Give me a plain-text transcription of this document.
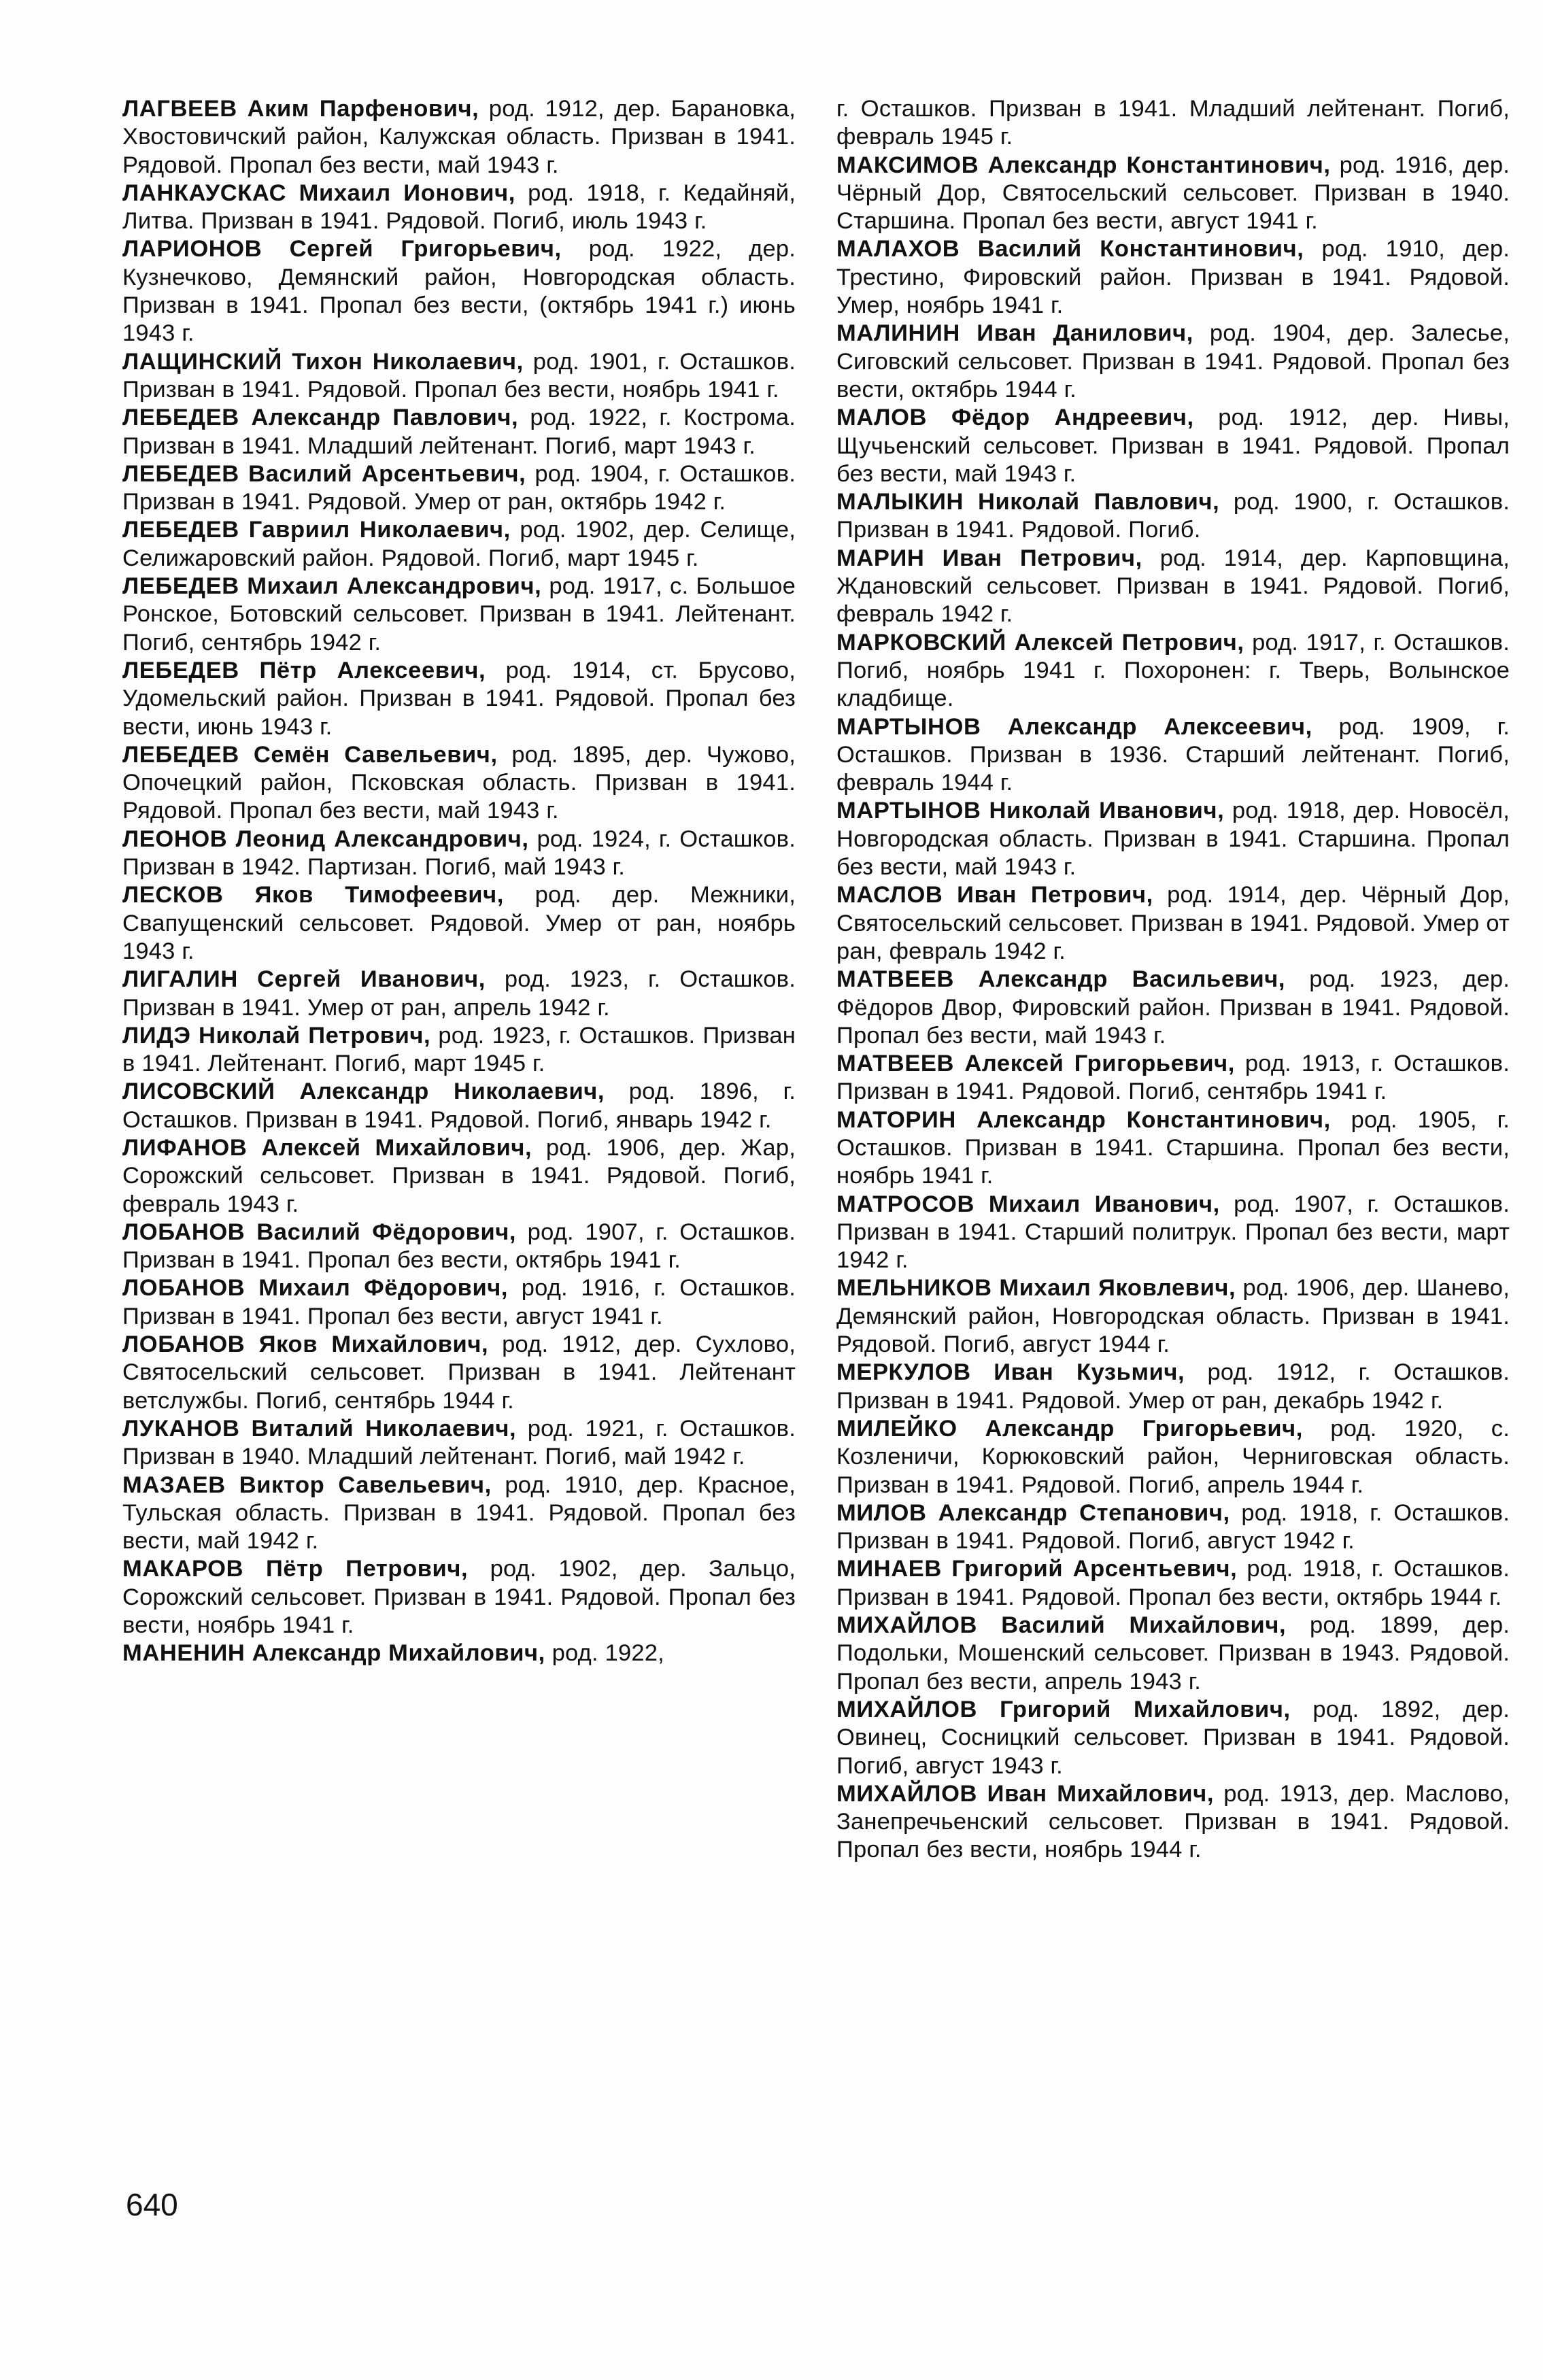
ЛАГВЕЕВ Аким Парфенович, род. 1912, дер. Барановка, Хвостовичский район, Калужская область. Призван в 1941. Рядовой. Пропал без вести, май 1943 г.

ЛАНКАУСКАС Михаил Ионович, род. 1918, г. Кедайняй, Литва. Призван в 1941. Рядовой. Погиб, июль 1943 г.

ЛАРИОНОВ Сергей Григорьевич, род. 1922, дер. Кузнечково, Демянский район, Новгородская область. Призван в 1941. Пропал без вести, (октябрь 1941 г.) июнь 1943 г.

ЛАЩИНСКИЙ Тихон Николаевич, род. 1901, г. Осташков. Призван в 1941. Рядовой. Пропал без вести, ноябрь 1941 г.

ЛЕБЕДЕВ Александр Павлович, род. 1922, г. Кострома. Призван в 1941. Младший лейтенант. Погиб, март 1943 г.

ЛЕБЕДЕВ Василий Арсентьевич, род. 1904, г. Осташков. Призван в 1941. Рядовой. Умер от ран, октябрь 1942 г.

ЛЕБЕДЕВ Гавриил Николаевич, род. 1902, дер. Селище, Селижаровский район. Рядовой. Погиб, март 1945 г.

ЛЕБЕДЕВ Михаил Александрович, род. 1917, с. Большое Ронское, Ботовский сельсовет. Призван в 1941. Лейтенант. Погиб, сентябрь 1942 г.

ЛЕБЕДЕВ Пётр Алексеевич, род. 1914, ст. Брусово, Удомельский район. Призван в 1941. Рядовой. Пропал без вести, июнь 1943 г.

ЛЕБЕДЕВ Семён Савельевич, род. 1895, дер. Чужово, Опочецкий район, Псковская область. Призван в 1941. Рядовой. Пропал без вести, май 1943 г.

ЛЕОНОВ Леонид Александрович, род. 1924, г. Осташков. Призван в 1942. Партизан. Погиб, май 1943 г.

ЛЕСКОВ Яков Тимофеевич, род. дер. Межники, Свапущенский сельсовет. Рядовой. Умер от ран, ноябрь 1943 г.

ЛИГАЛИН Сергей Иванович, род. 1923, г. Осташков. Призван в 1941. Умер от ран, апрель 1942 г.

ЛИДЭ Николай Петрович, род. 1923, г. Осташков. Призван в 1941. Лейтенант. Погиб, март 1945 г.

ЛИСОВСКИЙ Александр Николаевич, род. 1896, г. Осташков. Призван в 1941. Рядовой. Погиб, январь 1942 г.

ЛИФАНОВ Алексей Михайлович, род. 1906, дер. Жар, Сорожский сельсовет. Призван в 1941. Рядовой. Погиб, февраль 1943 г.

ЛОБАНОВ Василий Фёдорович, род. 1907, г. Осташков. Призван в 1941. Пропал без вести, октябрь 1941 г.

ЛОБАНОВ Михаил Фёдорович, род. 1916, г. Осташков. Призван в 1941. Пропал без вести, август 1941 г.

ЛОБАНОВ Яков Михайлович, род. 1912, дер. Сухлово, Святосельский сельсовет. Призван в 1941. Лейтенант ветслужбы. Погиб, сентябрь 1944 г.

ЛУКАНОВ Виталий Николаевич, род. 1921, г. Осташков. Призван в 1940. Младший лейтенант. Погиб, май 1942 г.

МАЗАЕВ Виктор Савельевич, род. 1910, дер. Красное, Тульская область. Призван в 1941. Рядовой. Пропал без вести, май 1942 г.

МАКАРОВ Пётр Петрович, род. 1902, дер. Зальцо, Сорожский сельсовет. Призван в 1941. Рядовой. Пропал без вести, ноябрь 1941 г.

МАНЕНИН Александр Михайлович, род. 1922,

г. Осташков. Призван в 1941. Младший лейтенант. Погиб, февраль 1945 г.

МАКСИМОВ Александр Константинович, род. 1916, дер. Чёрный Дор, Святосельский сельсовет. Призван в 1940. Старшина. Пропал без вести, август 1941 г.

МАЛАХОВ Василий Константинович, род. 1910, дер. Трестино, Фировский район. Призван в 1941. Рядовой. Умер, ноябрь 1941 г.

МАЛИНИН Иван Данилович, род. 1904, дер. Залесье, Сиговский сельсовет. Призван в 1941. Рядовой. Пропал без вести, октябрь 1944 г.

МАЛОВ Фёдор Андреевич, род. 1912, дер. Нивы, Щучьенский сельсовет. Призван в 1941. Рядовой. Пропал без вести, май 1943 г.

МАЛЫКИН Николай Павлович, род. 1900, г. Осташков. Призван в 1941. Рядовой. Погиб.

МАРИН Иван Петрович, род. 1914, дер. Карповщина, Ждановский сельсовет. Призван в 1941. Рядовой. Погиб, февраль 1942 г.

МАРКОВСКИЙ Алексей Петрович, род. 1917, г. Осташков. Погиб, ноябрь 1941 г. Похоронен: г. Тверь, Волынское кладбище.

МАРТЫНОВ Александр Алексеевич, род. 1909, г. Осташков. Призван в 1936. Старший лейтенант. Погиб, февраль 1944 г.

МАРТЫНОВ Николай Иванович, род. 1918, дер. Новосёл, Новгородская область. Призван в 1941. Старшина. Пропал без вести, май 1943 г.

МАСЛОВ Иван Петрович, род. 1914, дер. Чёрный Дор, Святосельский сельсовет. Призван в 1941. Рядовой. Умер от ран, февраль 1942 г.

МАТВЕЕВ Александр Васильевич, род. 1923, дер. Фёдоров Двор, Фировский район. Призван в 1941. Рядовой. Пропал без вести, май 1943 г.

МАТВЕЕВ Алексей Григорьевич, род. 1913, г. Осташков. Призван в 1941. Рядовой. Погиб, сентябрь 1941 г.

МАТОРИН Александр Константинович, род. 1905, г. Осташков. Призван в 1941. Старшина. Пропал без вести, ноябрь 1941 г.

МАТРОСОВ Михаил Иванович, род. 1907, г. Осташков. Призван в 1941. Старший политрук. Пропал без вести, март 1942 г.

МЕЛЬНИКОВ Михаил Яковлевич, род. 1906, дер. Шанево, Демянский район, Новгородская область. Призван в 1941. Рядовой. Погиб, август 1944 г.

МЕРКУЛОВ Иван Кузьмич, род. 1912, г. Осташков. Призван в 1941. Рядовой. Умер от ран, декабрь 1942 г.

МИЛЕЙКО Александр Григорьевич, род. 1920, с. Козленичи, Корюковский район, Черниговская область. Призван в 1941. Рядовой. Погиб, апрель 1944 г.

МИЛОВ Александр Степанович, род. 1918, г. Осташков. Призван в 1941. Рядовой. Погиб, август 1942 г.

МИНАЕВ Григорий Арсентьевич, род. 1918, г. Осташков. Призван в 1941. Рядовой. Пропал без вести, октябрь 1944 г.

МИХАЙЛОВ Василий Михайлович, род. 1899, дер. Подольки, Мошенский сельсовет. Призван в 1943. Рядовой. Пропал без вести, апрель 1943 г.

МИХАЙЛОВ Григорий Михайлович, род. 1892, дер. Овинец, Сосницкий сельсовет. Призван в 1941. Рядовой. Погиб, август 1943 г.

МИХАЙЛОВ Иван Михайлович, род. 1913, дер. Маслово, Занепречьенский сельсовет. Призван в 1941. Рядовой. Пропал без вести, ноябрь 1944 г.

640
